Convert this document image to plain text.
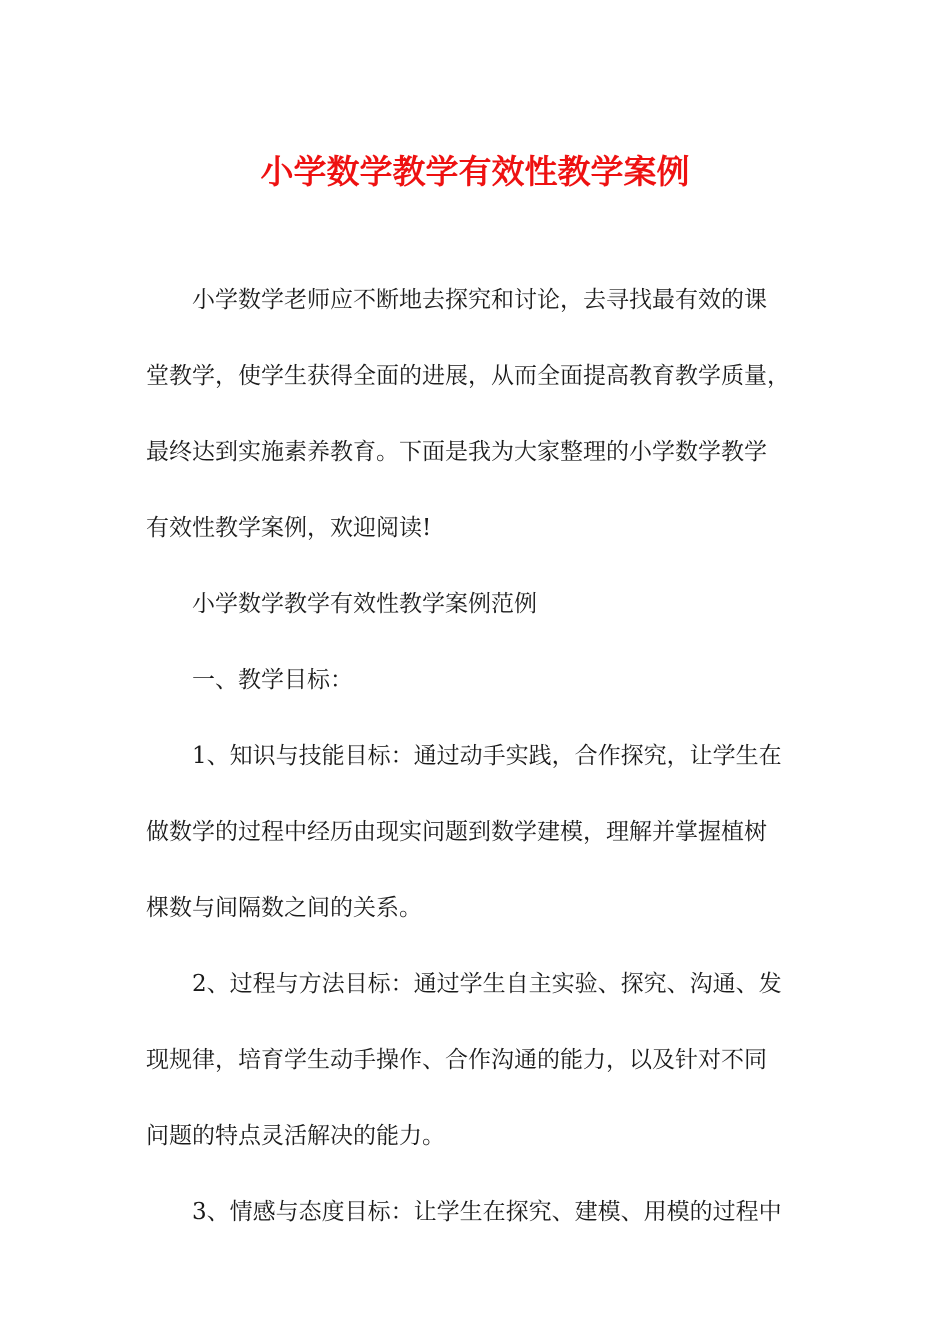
小学数学教学有效性教学案例

小学数学老师应不断地去探究和讨论，去寻找最有效的课
堂教学，使学生获得全面的进展，从而全面提高教育教学质量，
最终达到实施素养教育。下面是我为大家整理的小学数学教学
有效性教学案例，欢迎阅读!

小学数学教学有效性教学案例范例

一、教学目标：

1、知识与技能目标：通过动手实践，合作探究，让学生在
做数学的过程中经历由现实问题到数学建模，理解并掌握植树
棵数与间隔数之间的关系。

2、过程与方法目标：通过学生自主实验、探究、沟通、发
现规律，培育学生动手操作、合作沟通的能力，以及针对不同
问题的特点灵活解决的能力。

3、情感与态度目标：让学生在探究、建模、用模的过程中
